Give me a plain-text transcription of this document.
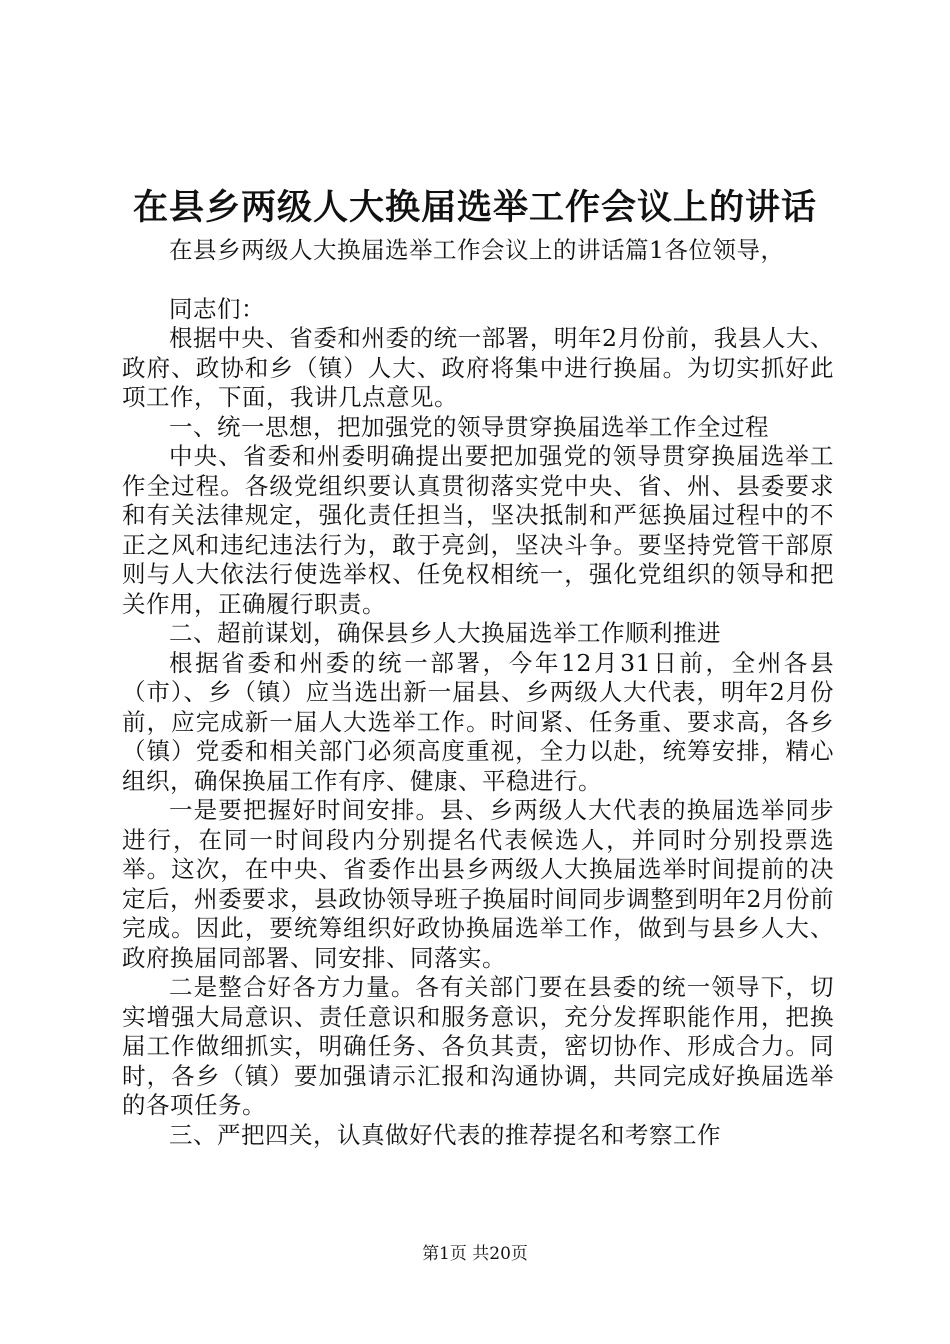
在县乡两级人大换届选举工作会议上的讲话

在县乡两级人大换届选举工作会议上的讲话篇1各位领导，

同志们：

根据中央、省委和州委的统一部署，明年2月份前，我县人大、政府、政协和乡（镇）人大、政府将集中进行换届。为切实抓好此项工作，下面，我讲几点意见。

一、统一思想，把加强党的领导贯穿换届选举工作全过程

中央、省委和州委明确提出要把加强党的领导贯穿换届选举工作全过程。各级党组织要认真贯彻落实党中央、省、州、县委要求和有关法律规定，强化责任担当，坚决抵制和严惩换届过程中的不正之风和违纪违法行为，敢于亮剑，坚决斗争。要坚持党管干部原则与人大依法行使选举权、任免权相统一，强化党组织的领导和把关作用，正确履行职责。

二、超前谋划，确保县乡人大换届选举工作顺利推进

根据省委和州委的统一部署，今年12月31日前，全州各县（市）、乡（镇）应当选出新一届县、乡两级人大代表，明年2月份前，应完成新一届人大选举工作。时间紧、任务重、要求高，各乡（镇）党委和相关部门必须高度重视，全力以赴，统筹安排，精心组织，确保换届工作有序、健康、平稳进行。

一是要把握好时间安排。县、乡两级人大代表的换届选举同步进行，在同一时间段内分别提名代表候选人，并同时分别投票选举。这次，在中央、省委作出县乡两级人大换届选举时间提前的决定后，州委要求，县政协领导班子换届时间同步调整到明年2月份前完成。因此，要统筹组织好政协换届选举工作，做到与县乡人大、政府换届同部署、同安排、同落实。

二是整合好各方力量。各有关部门要在县委的统一领导下，切实增强大局意识、责任意识和服务意识，充分发挥职能作用，把换届工作做细抓实，明确任务、各负其责，密切协作、形成合力。同时，各乡（镇）要加强请示汇报和沟通协调，共同完成好换届选举的各项任务。

三、严把四关，认真做好代表的推荐提名和考察工作

第1页 共20页
